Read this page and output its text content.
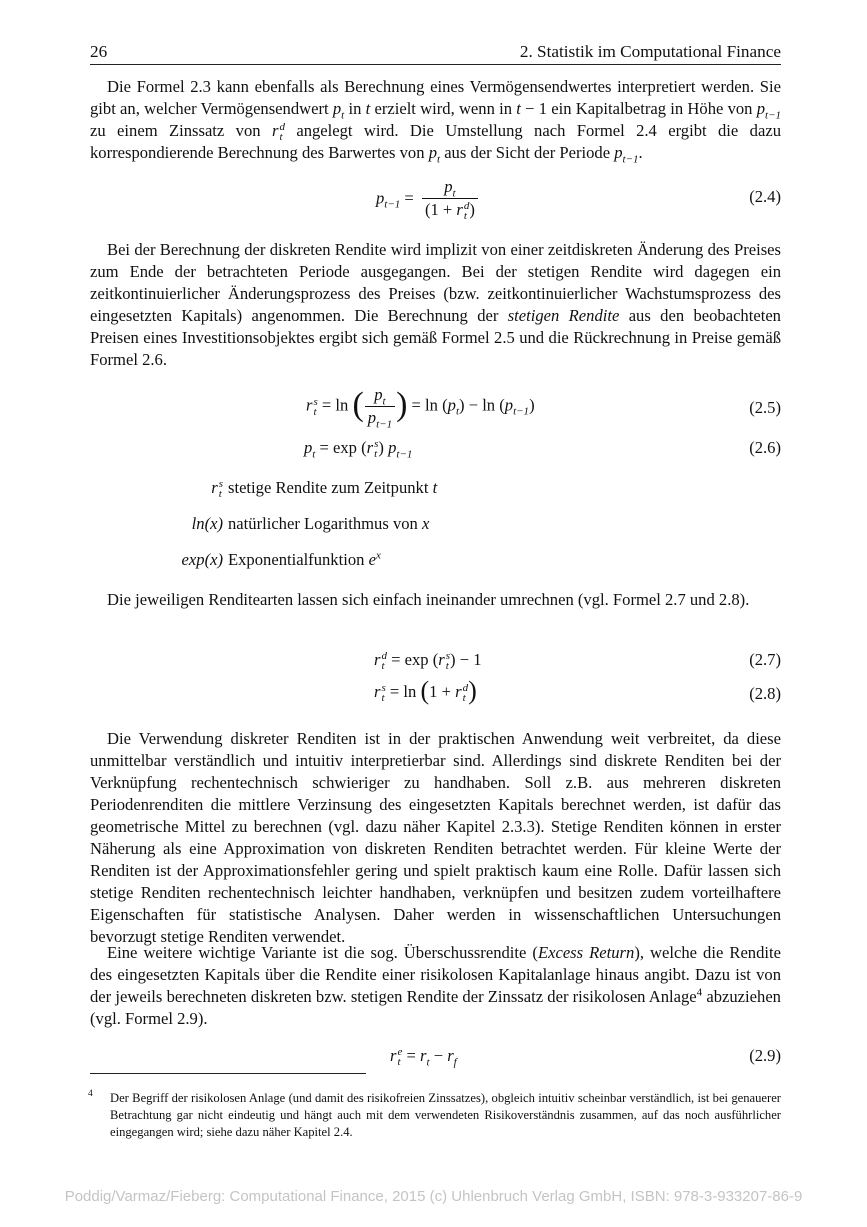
26	2. Statistik im Computational Finance
Die Formel 2.3 kann ebenfalls als Berechnung eines Vermögensendwertes interpretiert werden. Sie gibt an, welcher Vermögensendwert $p_t$ in t erzielt wird, wenn in t − 1 ein Kapitalbetrag in Höhe von $p_{t-1}$ zu einem Zinssatz von r d
t angelegt wird. Die Umstellung nach Formel 2.4 ergibt die dazu korrespondierende Berechnung des Barwertes von $p_t$ aus der Sicht der Periode $p_{t-1}$.
$p_{t-1} = p_t$
(1 + r d
t )	(2.4)
Bei der Berechnung der diskreten Rendite wird implizit von einer zeitdiskreten Änderung des Preises zum Ende der betrachteten Periode ausgegangen. Bei der stetigen Rendite wird dagegen ein zeitkontinuierlicher Änderungsprozess des Preises (bzw. zeitkontinuierlicher Wachstumsprozess des eingesetzten Kapitals) angenommen. Die Berechnung der stetigen Rendite aus den beobachteten Preisen eines Investitionsobjektes ergibt sich gemäß Formel 2.5 und die Rückrechnung in Preise gemäß Formel 2.6.
r s
t = ln ( $\frac{p_t}{p_{t-1}}$ ) = $\ln (p_t) - \ln (p_{t-1})$	(2.5)
$p_t = \exp (r$ s
t ) $p_{t-1}$	(2.6)
r s
t stetige Rendite zum Zeitpunkt t
ln(x) natürlicher Logarithmus von x
exp(x) Exponentialfunktion $e^x$
Die jeweiligen Renditearten lassen sich einfach ineinander umrechnen (vgl. Formel 2.7 und 2.8).
r d
t = exp (r s
t ) − 1	(2.7)
r s
t = ln (1 + r d
t )	(2.8)
Die Verwendung diskreter Renditen ist in der praktischen Anwendung weit verbreitet, da diese unmittelbar verständlich und intuitiv interpretierbar sind. Allerdings sind diskrete Renditen bei der Verknüpfung rechentechnisch schwieriger zu handhaben. Soll z.B. aus mehreren diskreten Periodenrenditen die mittlere Verzinsung des eingesetzten Kapitals berechnet werden, ist dafür das geometrische Mittel zu berechnen (vgl. dazu näher Kapitel 2.3.3). Stetige Renditen können in erster Näherung als eine Approximation von diskreten Renditen betrachtet werden. Für kleine Werte der Renditen ist der Approximationsfehler gering und spielt praktisch kaum eine Rolle. Dafür lassen sich stetige Renditen rechentechnisch leichter handhaben, verknüpfen und besitzen zudem vorteilhaftere Eigenschaften für statistische Analysen. Daher werden in wissenschaftlichen Untersuchungen bevorzugt stetige Renditen verwendet.
Eine weitere wichtige Variante ist die sog. Überschussrendite (Excess Return), welche die Rendite des eingesetzten Kapitals über die Rendite einer risikolosen Kapitalanlage hinaus angibt. Dazu ist von der jeweils berechneten diskreten bzw. stetigen Rendite der Zinssatz der risikolosen Anlage$^4$ abzuziehen (vgl. Formel 2.9).
r e
$t = r_t - r_f$	(2.9)
4 Der Begriff der risikolosen Anlage (und damit des risikofreien Zinssatzes), obgleich intuitiv scheinbar verständlich, ist bei genauerer Betrachtung gar nicht eindeutig und hängt auch mit dem verwendeten Risikoverständnis zusammen, auf das noch ausführlicher eingegangen wird; siehe dazu näher Kapitel 2.4.
Poddig/Varmaz/Fieberg: Computational Finance, 2015 (c) Uhlenbruch Verlag GmbH, ISBN: 978-3-933207-86-9
